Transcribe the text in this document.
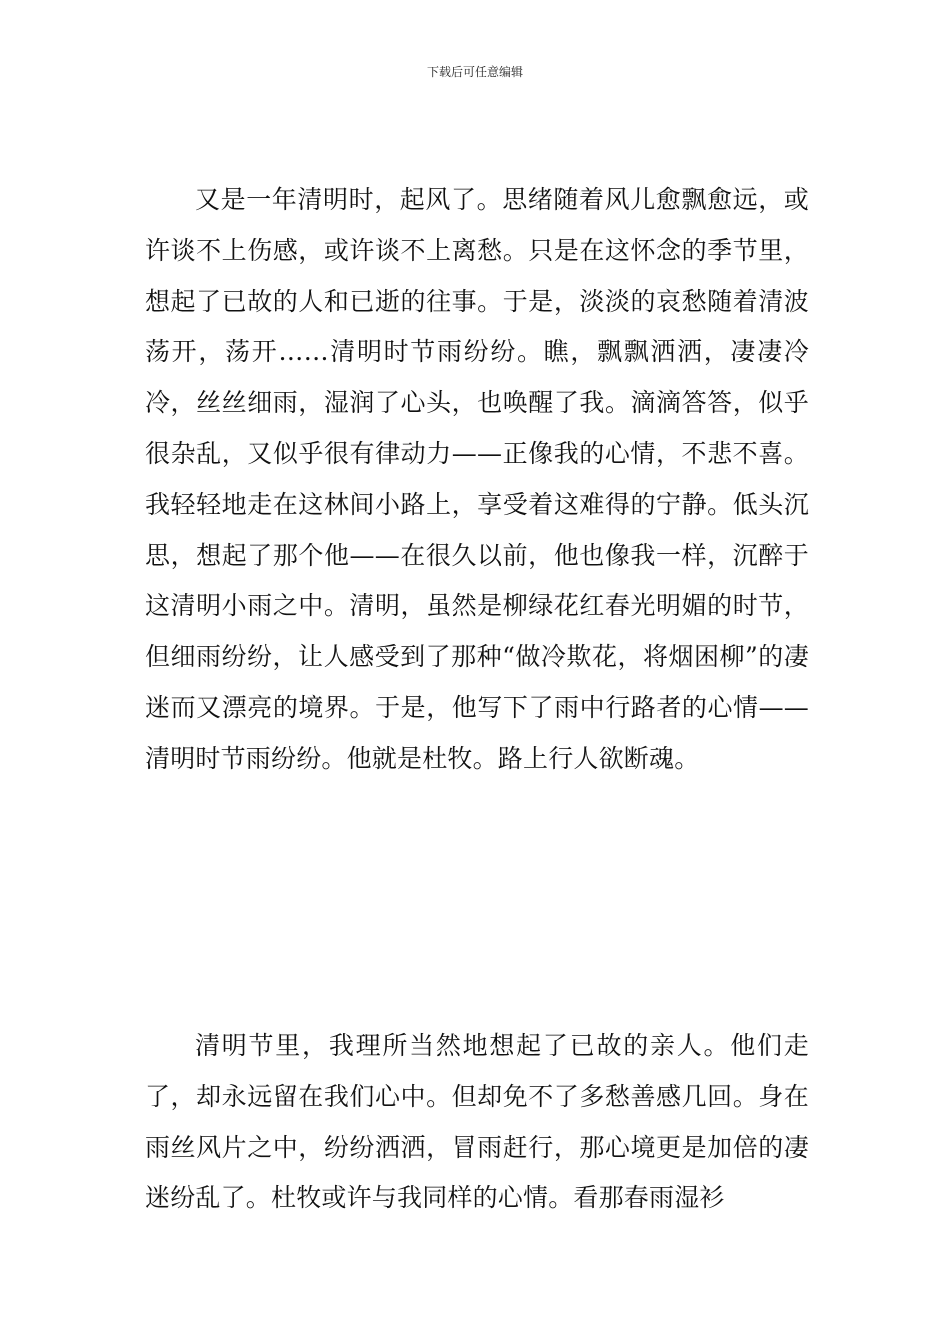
下载后可任意编辑

又是一年清明时，起风了。思绪随着风儿愈飘愈远，或许谈不上伤感，或许谈不上离愁。只是在这怀念的季节里，想起了已故的人和已逝的往事。于是，淡淡的哀愁随着清波荡开，荡开……清明时节雨纷纷。瞧，飘飘洒洒，凄凄冷冷，丝丝细雨，湿润了心头，也唤醒了我。滴滴答答，似乎很杂乱，又似乎很有律动力——正像我的心情，不悲不喜。我轻轻地走在这林间小路上，享受着这难得的宁静。低头沉思，想起了那个他——在很久以前，他也像我一样，沉醉于这清明小雨之中。清明，虽然是柳绿花红春光明媚的时节，但细雨纷纷，让人感受到了那种“做冷欺花，将烟困柳”的凄迷而又漂亮的境界。于是，他写下了雨中行路者的心情——清明时节雨纷纷。他就是杜牧。路上行人欲断魂。

清明节里，我理所当然地想起了已故的亲人。他们走了，却永远留在我们心中。但却免不了多愁善感几回。身在雨丝风片之中，纷纷洒洒，冒雨赶行，那心境更是加倍的凄迷纷乱了。杜牧或许与我同样的心情。看那春雨湿衫
